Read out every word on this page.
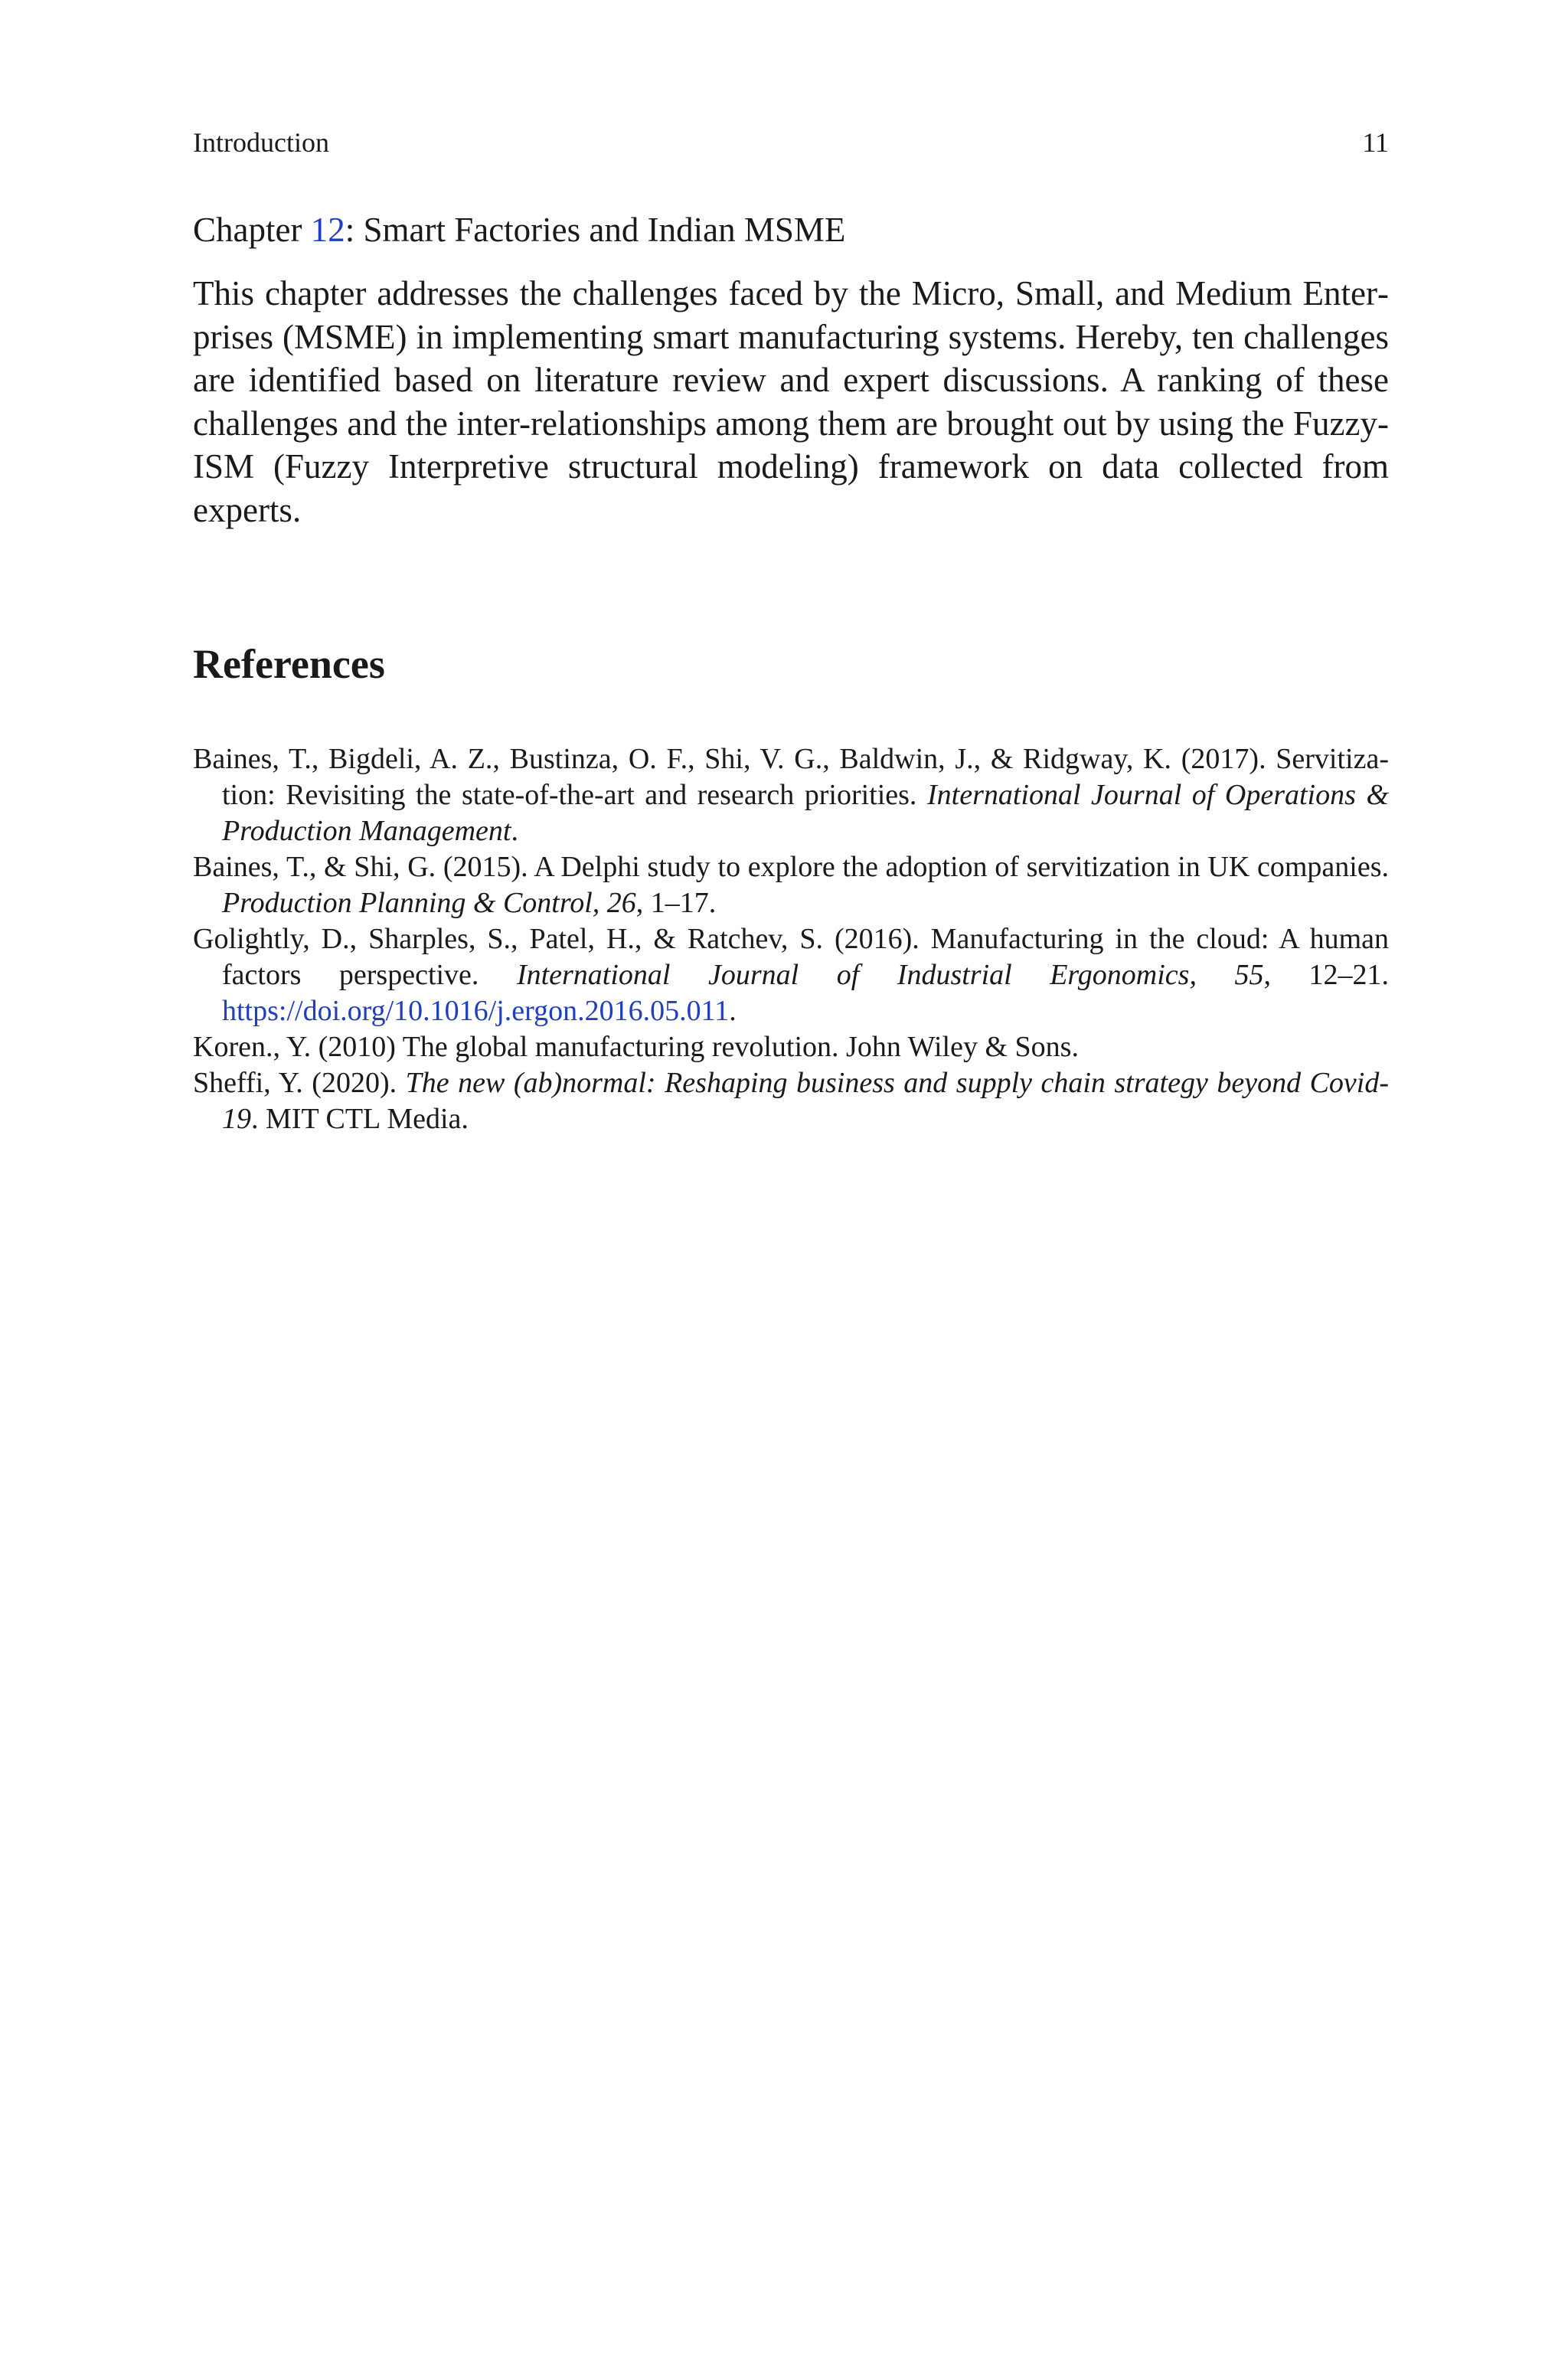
Introduction	11
Chapter 12: Smart Factories and Indian MSME

This chapter addresses the challenges faced by the Micro, Small, and Medium Enterprises (MSME) in implementing smart manufacturing systems. Hereby, ten challenges are identified based on literature review and expert discussions. A ranking of these challenges and the inter-relationships among them are brought out by using the Fuzzy-ISM (Fuzzy Interpretive structural modeling) framework on data collected from experts.

References
Baines, T., Bigdeli, A. Z., Bustinza, O. F., Shi, V. G., Baldwin, J., & Ridgway, K. (2017). Servitization: Revisiting the state-of-the-art and research priorities. International Journal of Operations & Production Management.
Baines, T., & Shi, G. (2015). A Delphi study to explore the adoption of servitization in UK companies. Production Planning & Control, 26, 1–17.
Golightly, D., Sharples, S., Patel, H., & Ratchev, S. (2016). Manufacturing in the cloud: A human factors perspective. International Journal of Industrial Ergonomics, 55, 12–21. https://doi.org/10.1016/j.ergon.2016.05.011.
Koren., Y. (2010) The global manufacturing revolution. John Wiley & Sons.
Sheffi, Y. (2020). The new (ab)normal: Reshaping business and supply chain strategy beyond Covid-19. MIT CTL Media.
